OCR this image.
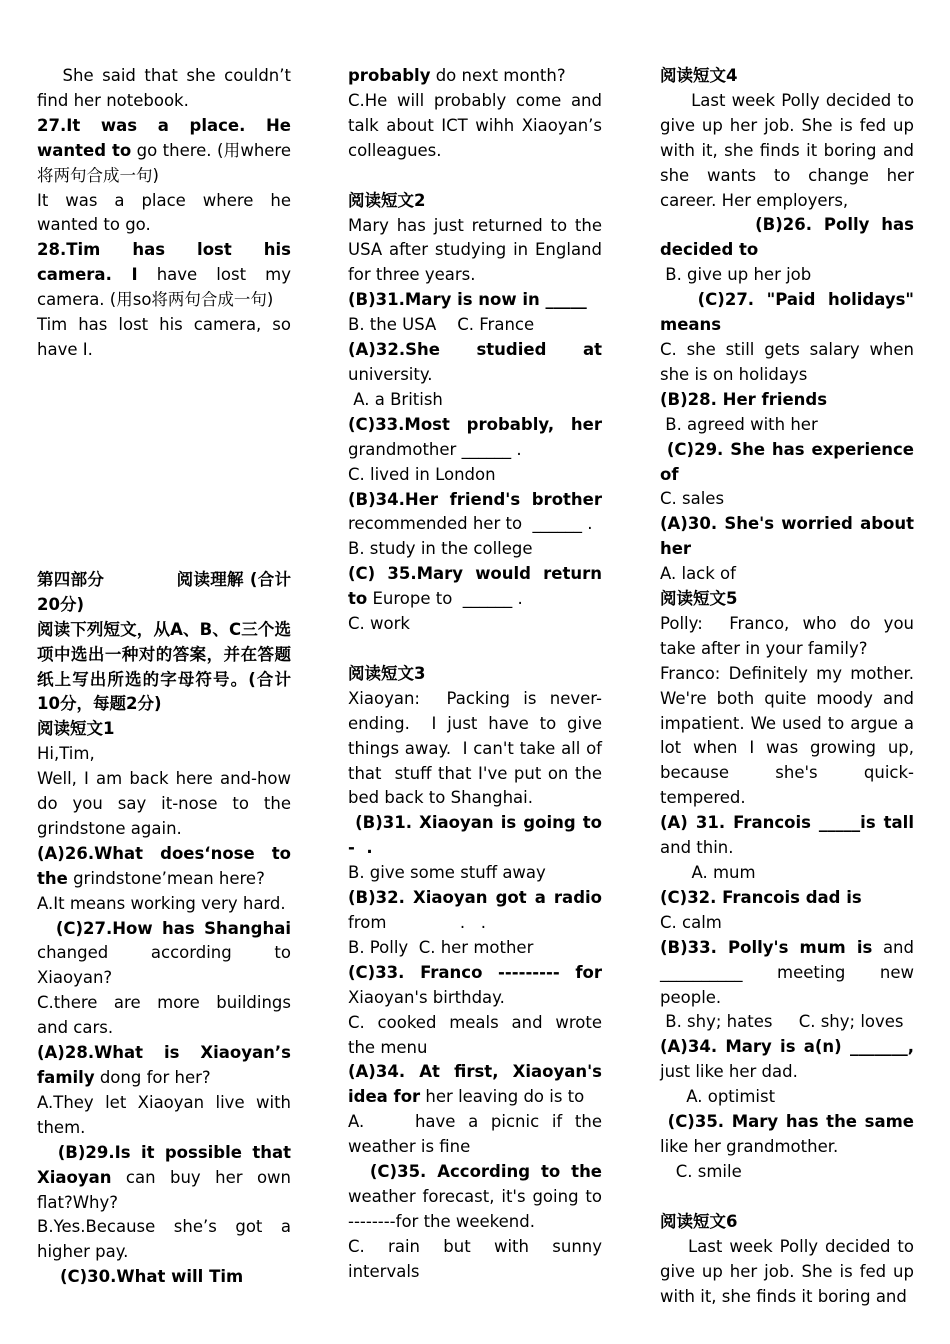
She said that she couldn’t find her notebook.
27.It was a place. He wanted to go there. (用where将两句合成一句)
It was a place where he wanted to go.
28.Tim has lost his camera. I have lost my camera. (用so将两句合成一句)
Tim has lost his camera, so have I.
第四部分            阅读理解 (合计20分)
阅读下列短文，从A、B、C三个选项中选出一种对的答案，并在答题纸上写出所选的字母符号。(合计10分，每题2分)
阅读短文1
Hi,Tim,
Well, I am back here and-how do you say it-nose to the grindstone again.
(A)26.What does‘nose to the grindstone’mean here?
A.It means working very hard.
(C)27.How has Shanghai changed according to Xiaoyan?
C.there are more buildings and cars.
(A)28.What is Xiaoyan’s family dong for her?
A.They let Xiaoyan live with them.
(B)29.Is it possible that Xiaoyan can buy her own flat?Why?
B.Yes.Because she’s got a higher pay.
(C)30.What will Tim
probably do next month?
C.He will probably come and talk about ICT wihh Xiaoyan’s colleagues.
阅读短文2
Mary has just returned to the USA after studying in England for three years.
(B)31.Mary is now in _____
B. the USA    C. France
(A)32.She studied at university.
A. a British
(C)33.Most probably, her grandmother ______ .
C. lived in London
(B)34.Her friend's brother recommended her to  ______ .
B. study in the college
(C) 35.Mary would return to Europe to  ______ .
C. work
阅读短文3
Xiaoyan:  Packing is never-ending.  I just have to give things away.  I can't take all of that  stuff that I've put on the bed back to Shanghai.
(B)31. Xiaoyan is going to -  .
B. give some stuff away
(B)32. Xiaoyan got a radio from              .   .
B. Polly  C. her mother
(C)33. Franco --------- for Xiaoyan's birthday.
C. cooked meals and wrote the menu
(A)34. At first, Xiaoyan's idea for her leaving do is to
A.    have a picnic if the weather is fine
(C)35. According to the weather forecast, it's going to --------for the weekend.
C. rain but with sunny intervals
阅读短文4
Last week Polly decided to give up her job. She is fed up with it, she finds it boring and she wants to change her career. Her employers,
(B)26. Polly has decided to
B. give up her job
(C)27. "Paid holidays" means
C. she still gets salary when she is on holidays
(B)28. Her friends
B. agreed with her
(C)29. She has experience of
C. sales
(A)30. She's worried about her
A. lack of
阅读短文5
Polly:  Franco, who do you take after in your family?
Franco: Definitely my mother. We're both quite moody and impatient. We used to argue a lot when I was growing up, because she's quick-tempered.
(A) 31. Francois _____is tall and thin.
A. mum
(C)32. Francois dad is
C. calm
(B)33. Polly's mum is and __________ meeting new people.
B. shy; hates     C. shy; loves
(A)34. Mary is a(n) _______, just like her dad.
A. optimist
(C)35. Mary has the same like her grandmother.
C. smile
阅读短文6
Last week Polly decided to give up her job. She is fed up with it, she finds it boring and
